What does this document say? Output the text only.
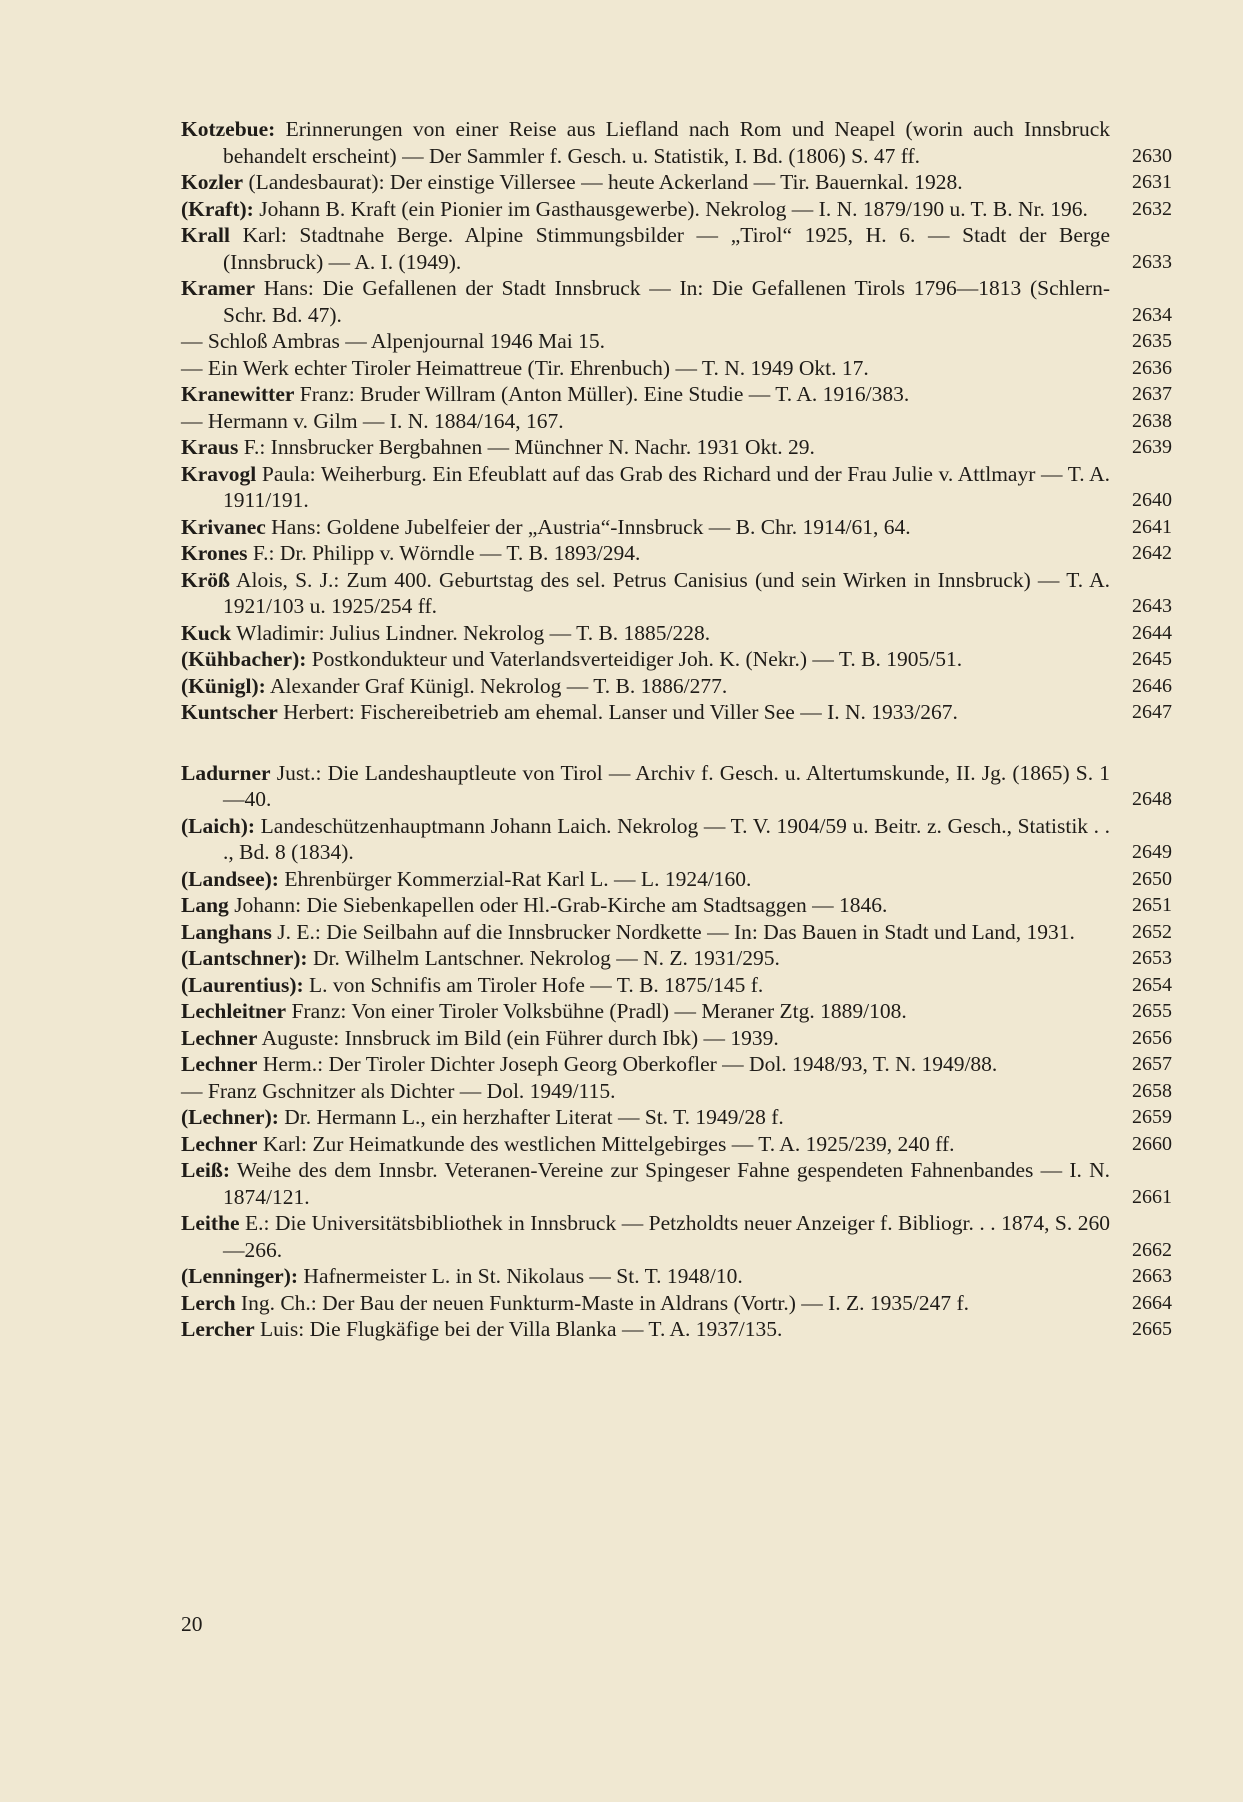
Kotzebue: Erinnerungen von einer Reise aus Liefland nach Rom und Neapel (worin auch Innsbruck behandelt erscheint) — Der Sammler f. Gesch. u. Statistik, I. Bd. (1806) S. 47 ff.	2630
Kozler (Landesbaurat): Der einstige Villersee — heute Ackerland — Tir. Bauernkal. 1928.	2631
(Kraft): Johann B. Kraft (ein Pionier im Gasthausgewerbe). Nekrolog — I. N. 1879/190 u. T. B. Nr. 196. 2632
Krall Karl: Stadtnahe Berge. Alpine Stimmungsbilder — „Tirol“ 1925, H. 6. — Stadt der Berge (Innsbruck) — A. I. (1949).	2633
Kramer Hans: Die Gefallenen der Stadt Innsbruck — In: Die Gefallenen Tirols 1796—1813 (Schlern-Schr. Bd. 47).	2634
— Schloß Ambras — Alpenjournal 1946 Mai 15.	2635
— Ein Werk echter Tiroler Heimattreue (Tir. Ehrenbuch) — T. N. 1949 Okt. 17.	2636
Kranewitter Franz: Bruder Willram (Anton Müller). Eine Studie — T. A. 1916/383.	2637
— Hermann v. Gilm — I. N. 1884/164, 167.	2638
Kraus F.: Innsbrucker Bergbahnen — Münchner N. Nachr. 1931 Okt. 29.	2639
Kravogl Paula: Weiherburg. Ein Efeublatt auf das Grab des Richard und der Frau Julie v. Attlmayr — T. A. 1911/191.	2640
Krivanec Hans: Goldene Jubelfeier der „Austria“-Innsbruck — B. Chr. 1914/61, 64.	2641
Krones F.: Dr. Philipp v. Wörndle — T. B. 1893/294.	2642
Kröß Alois, S. J.: Zum 400. Geburtstag des sel. Petrus Canisius (und sein Wirken in Innsbruck) — T. A. 1921/103 u. 1925/254 ff.	2643
Kuck Wladimir: Julius Lindner. Nekrolog — T. B. 1885/228.	2644
(Kühbacher): Postkondukteur und Vaterlandsverteidiger Joh. K. (Nekr.) — T. B. 1905/51.	2645
(Künigl): Alexander Graf Künigl. Nekrolog — T. B. 1886/277.	2646
Kuntscher Herbert: Fischereibetrieb am ehemal. Lanser und Viller See — I. N. 1933/267.	2647
Ladurner Just.: Die Landeshauptleute von Tirol — Archiv f. Gesch. u. Altertumskunde, II. Jg. (1865) S. 1—40.	2648
(Laich): Landeschützenhauptmann Johann Laich. Nekrolog — T. V. 1904/59 u. Beitr. z. Gesch., Statistik . . ., Bd. 8 (1834).	2649
(Landsee): Ehrenbürger Kommerzial-Rat Karl L. — L. 1924/160.	2650
Lang Johann: Die Siebenkapellen oder Hl.-Grab-Kirche am Stadtsaggen — 1846.	2651
Langhans J. E.: Die Seilbahn auf die Innsbrucker Nordkette — In: Das Bauen in Stadt und Land, 1931.	2652
(Lantschner): Dr. Wilhelm Lantschner. Nekrolog — N. Z. 1931/295.	2653
(Laurentius): L. von Schnifis am Tiroler Hofe — T. B. 1875/145 f.	2654
Lechleitner Franz: Von einer Tiroler Volksbühne (Pradl) — Meraner Ztg. 1889/108.	2655
Lechner Auguste: Innsbruck im Bild (ein Führer durch Ibk) — 1939.	2656
Lechner Herm.: Der Tiroler Dichter Joseph Georg Oberkofler — Dol. 1948/93, T. N. 1949/88.	2657
— Franz Gschnitzer als Dichter — Dol. 1949/115.	2658
(Lechner): Dr. Hermann L., ein herzhafter Literat — St. T. 1949/28 f.	2659
Lechner Karl: Zur Heimatkunde des westlichen Mittelgebirges — T. A. 1925/239, 240 ff.	2660
Leiß: Weihe des dem Innsbr. Veteranen-Vereine zur Spingeser Fahne gespendeten Fahnenbandes — I. N. 1874/121.	2661
Leithe E.: Die Universitätsbibliothek in Innsbruck — Petzholdts neuer Anzeiger f. Bibliogr. . . 1874, S. 260—266.	2662
(Lenninger): Hafnermeister L. in St. Nikolaus — St. T. 1948/10.	2663
Lerch Ing. Ch.: Der Bau der neuen Funkturm-Maste in Aldrans (Vortr.) — I. Z. 1935/247 f.	2664
Lercher Luis: Die Flugkäfige bei der Villa Blanka — T. A. 1937/135.	2665
20
